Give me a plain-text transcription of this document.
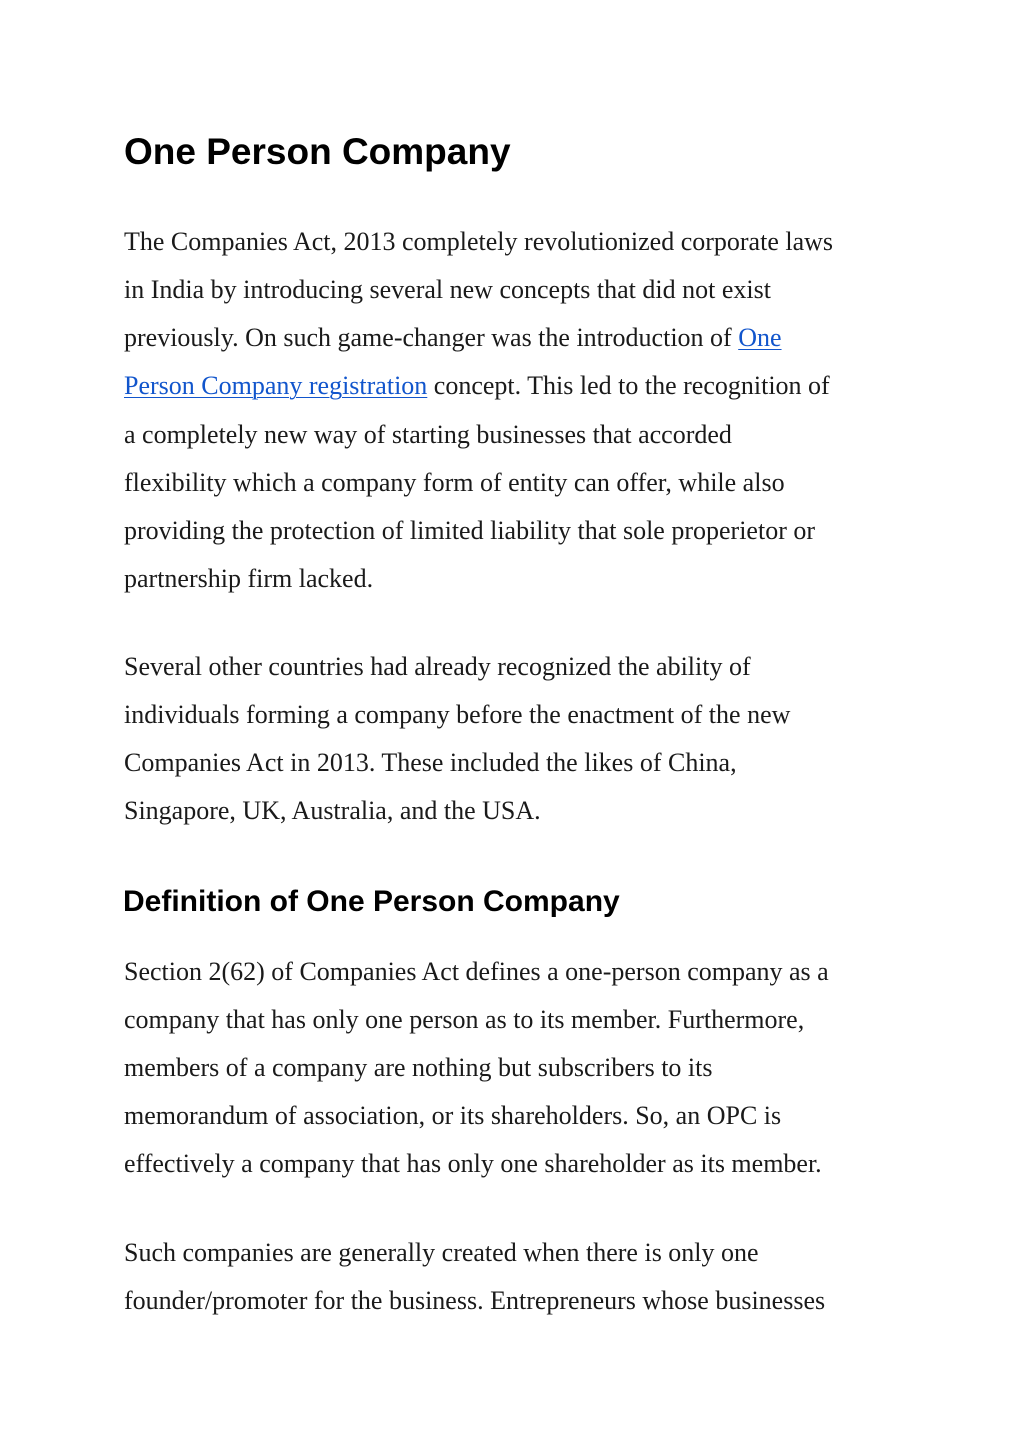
One Person Company

The Companies Act, 2013 completely revolutionized corporate laws

in India by introducing several new concepts that did not exist

previously. On such game-changer was the introduction of One

Person Company registration concept. This led to the recognition of

a completely new way of starting businesses that accorded

flexibility which a company form of entity can offer, while also

providing the protection of limited liability that sole properietor or

partnership firm lacked.

Several other countries had already recognized the ability of

individuals forming a company before the enactment of the new

Companies Act in 2013. These included the likes of China,

Singapore, UK, Australia, and the USA.

Definition of One Person Company

Section 2(62) of Companies Act defines a one-person company as a

company that has only one person as to its member. Furthermore,

members of a company are nothing but subscribers to its

memorandum of association, or its shareholders. So, an OPC is

effectively a company that has only one shareholder as its member.

Such companies are generally created when there is only one

founder/promoter for the business. Entrepreneurs whose businesses
